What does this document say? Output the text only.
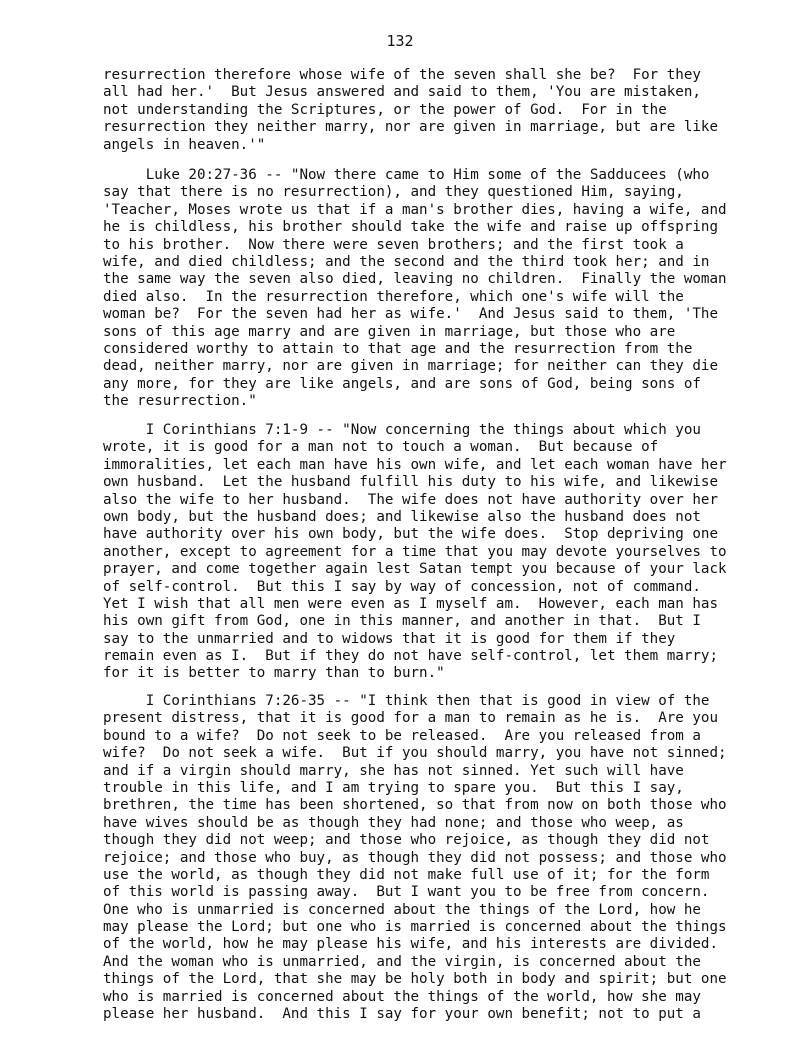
132
resurrection therefore whose wife of the seven shall she be?  For they
all had her.'  But Jesus answered and said to them, 'You are mistaken,
not understanding the Scriptures, or the power of God.  For in the
resurrection they neither marry, nor are given in marriage, but are like
angels in heaven.'"
Luke 20:27-36 -- "Now there came to Him some of the Sadducees (who
say that there is no resurrection), and they questioned Him, saying,
'Teacher, Moses wrote us that if a man's brother dies, having a wife, and
he is childless, his brother should take the wife and raise up offspring
to his brother.  Now there were seven brothers; and the first took a
wife, and died childless; and the second and the third took her; and in
the same way the seven also died, leaving no children.  Finally the woman
died also.  In the resurrection therefore, which one's wife will the
woman be?  For the seven had her as wife.'  And Jesus said to them, 'The
sons of this age marry and are given in marriage, but those who are
considered worthy to attain to that age and the resurrection from the
dead, neither marry, nor are given in marriage; for neither can they die
any more, for they are like angels, and are sons of God, being sons of
the resurrection."
I Corinthians 7:1-9 -- "Now concerning the things about which you
wrote, it is good for a man not to touch a woman.  But because of
immoralities, let each man have his own wife, and let each woman have her
own husband.  Let the husband fulfill his duty to his wife, and likewise
also the wife to her husband.  The wife does not have authority over her
own body, but the husband does; and likewise also the husband does not
have authority over his own body, but the wife does.  Stop depriving one
another, except to agreement for a time that you may devote yourselves to
prayer, and come together again lest Satan tempt you because of your lack
of self-control.  But this I say by way of concession, not of command.
Yet I wish that all men were even as I myself am.  However, each man has
his own gift from God, one in this manner, and another in that.  But I
say to the unmarried and to widows that it is good for them if they
remain even as I.  But if they do not have self-control, let them marry;
for it is better to marry than to burn."
I Corinthians 7:26-35 -- "I think then that is good in view of the
present distress, that it is good for a man to remain as he is.  Are you
bound to a wife?  Do not seek to be released.  Are you released from a
wife?  Do not seek a wife.  But if you should marry, you have not sinned;
and if a virgin should marry, she has not sinned. Yet such will have
trouble in this life, and I am trying to spare you.  But this I say,
brethren, the time has been shortened, so that from now on both those who
have wives should be as though they had none; and those who weep, as
though they did not weep; and those who rejoice, as though they did not
rejoice; and those who buy, as though they did not possess; and those who
use the world, as though they did not make full use of it; for the form
of this world is passing away.  But I want you to be free from concern.
One who is unmarried is concerned about the things of the Lord, how he
may please the Lord; but one who is married is concerned about the things
of the world, how he may please his wife, and his interests are divided.
And the woman who is unmarried, and the virgin, is concerned about the
things of the Lord, that she may be holy both in body and spirit; but one
who is married is concerned about the things of the world, how she may
please her husband.  And this I say for your own benefit; not to put a
